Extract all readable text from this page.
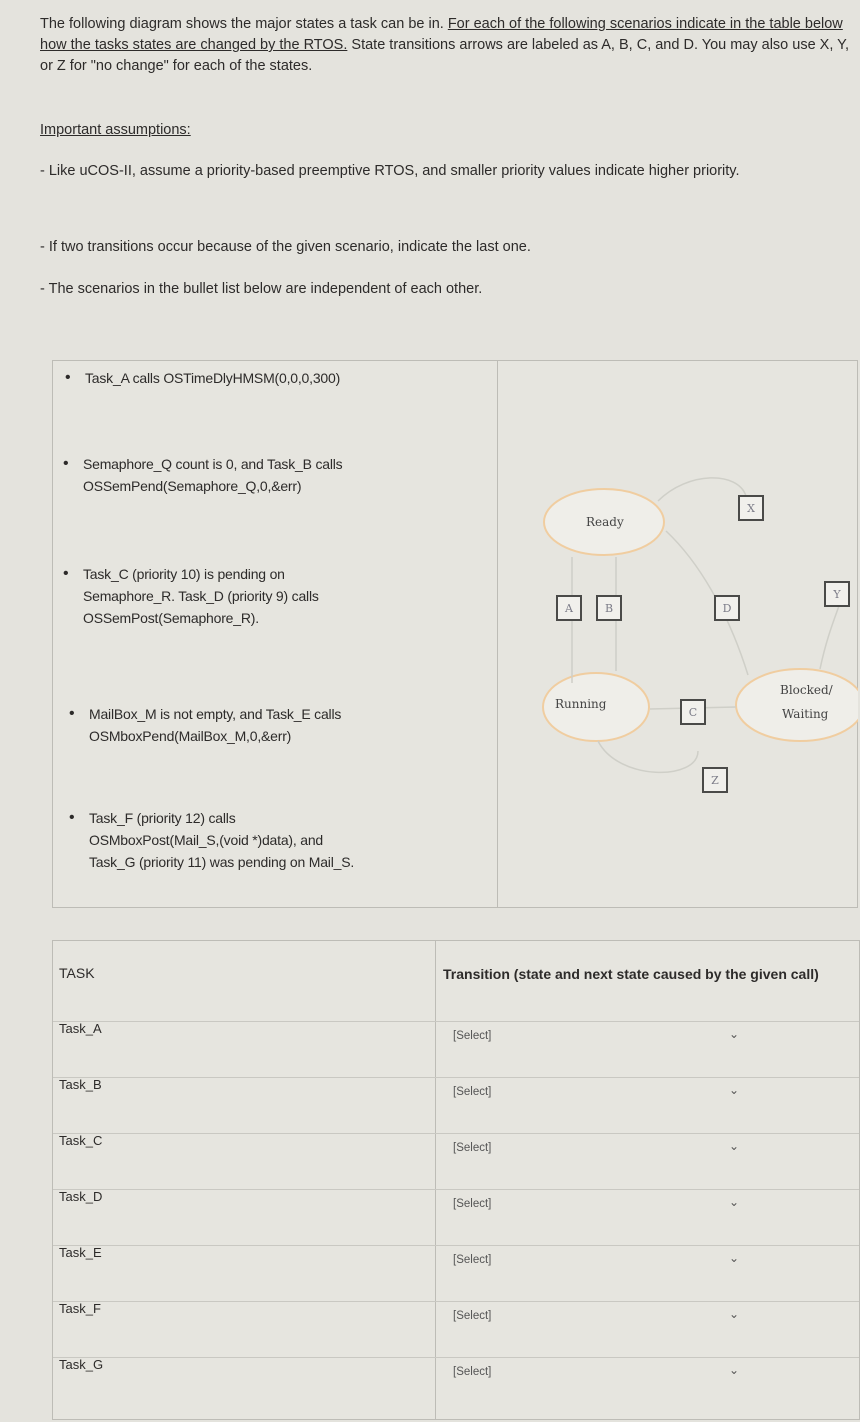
The following diagram shows the major states a task can be in. For each of the following scenarios indicate in the table below how the tasks states are changed by the RTOS. State transitions arrows are labeled as A, B, C, and D. You may also use X, Y, or Z for "no change" for each of the states.

Important assumptions:
- Like uCOS-II, assume a priority-based preemptive RTOS, and smaller priority values indicate higher priority.
- If two transitions occur because of the given scenario, indicate the last one.
- The scenarios in the bullet list below are independent of each other.
• Task_A calls OSTimeDlyHMSM(0,0,0,300)
• Semaphore_Q count is 0, and Task_B calls
OSSemPend(Semaphore_Q,0,&err)
• Task_C (priority 10) is pending on
Semaphore_R. Task_D (priority 9) calls
OSSemPost(Semaphore_R).
• MailBox_M is not empty, and Task_E calls
OSMboxPend(MailBox_M,0,&err)
• Task_F (priority 12) calls
OSMboxPost(Mail_S,(void *)data), and
Task_G (priority 11) was pending on Mail_S.
Ready
Running
Blocked/
Waiting
A	B
C
D
X
Y
Z
TASK	Transition (state and next state caused by the given call)
Task_A	[Select]	⌄
Task_B	[Select]	⌄
Task_C	[Select]	⌄
Task_D	[Select]	⌄
Task_E	[Select]	⌄
Task_F	[Select]	⌄
Task_G	[Select]	⌄
